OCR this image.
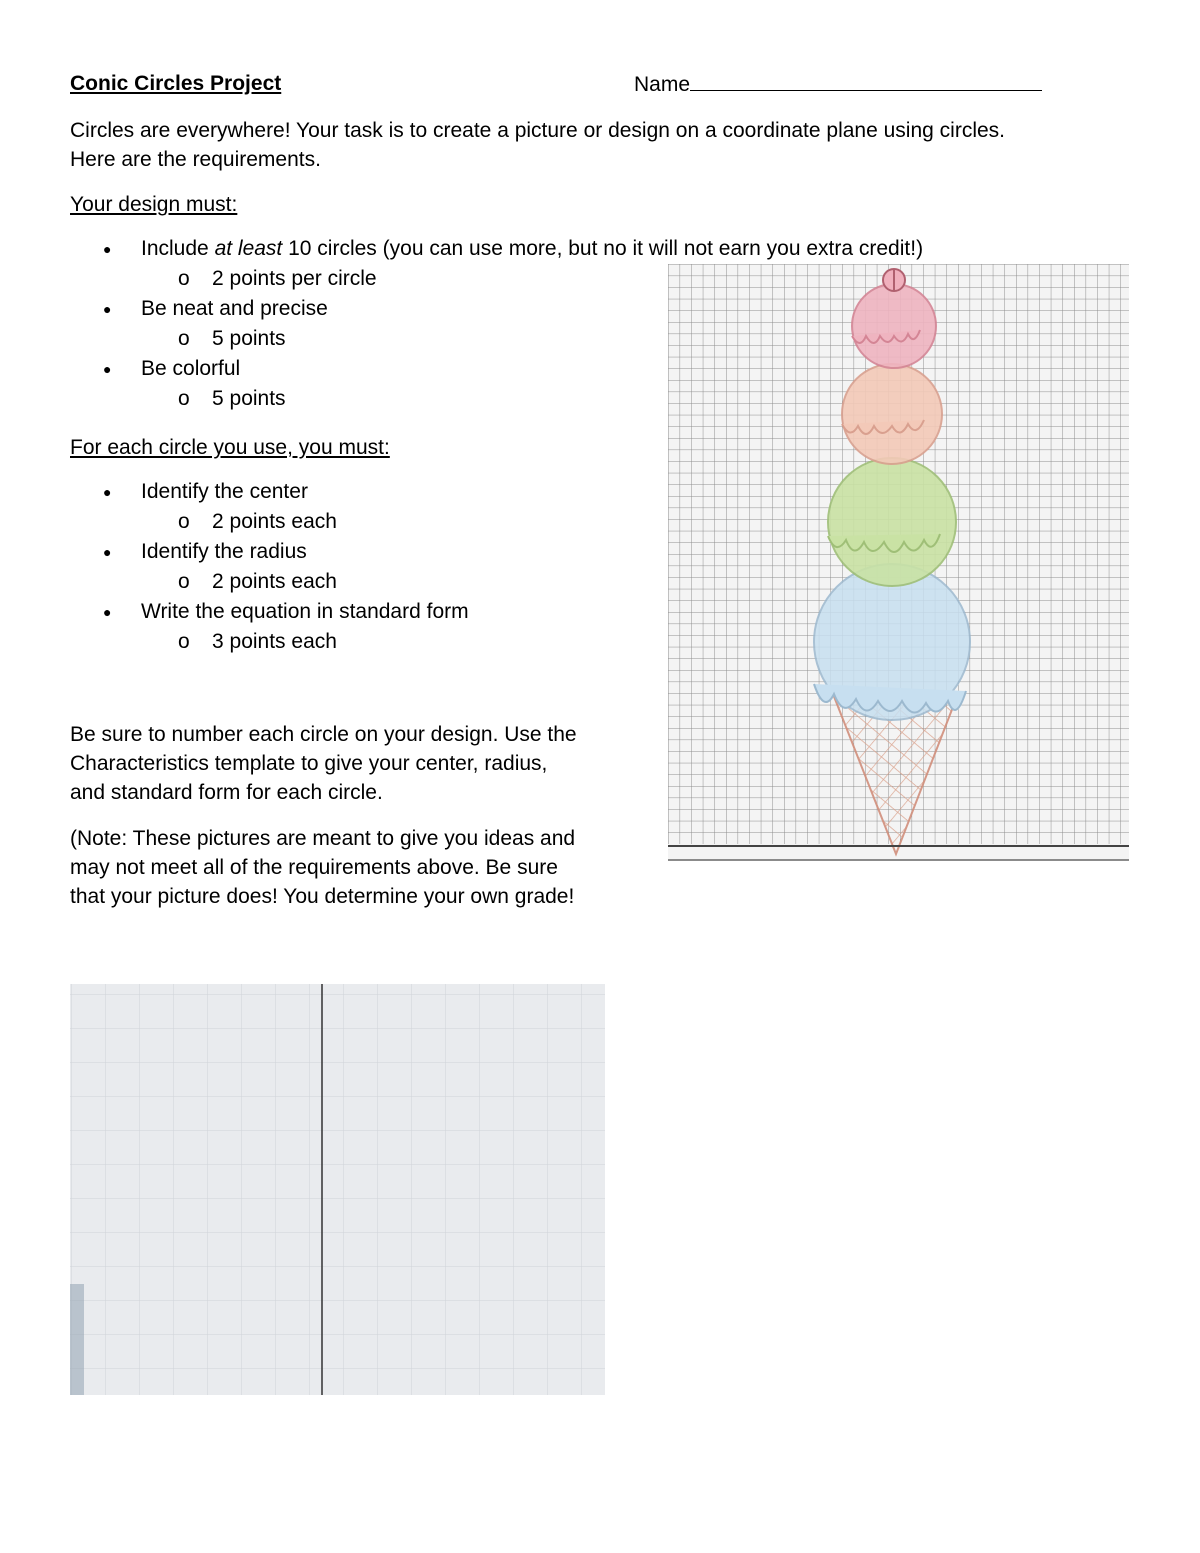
Conic Circles Project	Name
Circles are everywhere! Your task is to create a picture or design on a coordinate plane using circles.
Here are the requirements.
Your design must:
● Include at least 10 circles (you can use more, but no it will not earn you extra credit!)
o 2 points per circle
● Be neat and precise
o 5 points
● Be colorful
o 5 points
For each circle you use, you must:
● Identify the center
o 2 points each
● Identify the radius
o 2 points each
● Write the equation in standard form
o 3 points each
Be sure to number each circle on your design. Use the
Characteristics template to give your center, radius,
and standard form for each circle.
(Note: These pictures are meant to give you ideas and
may not meet all of the requirements above. Be sure
that your picture does! You determine your own grade!
